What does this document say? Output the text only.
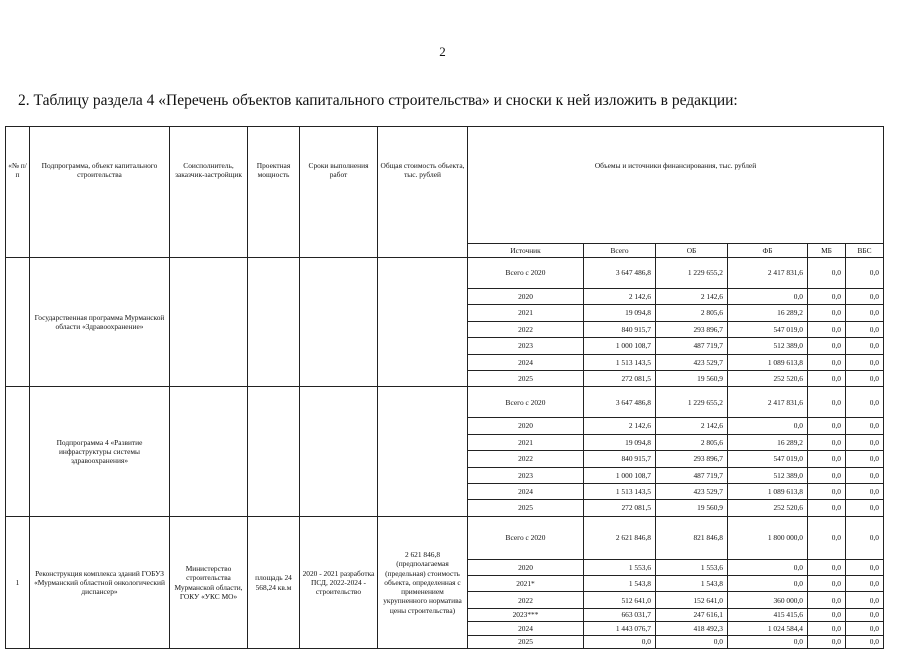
2
2. Таблицу раздела 4 «Перечень объектов капитального строительства» и сноски к ней изложить в редакции:
«№ п/п	Подпрограмма, объект капитального строительства	Соисполнитель, заказчик-застройщик	Проектная мощность	Сроки выполнения работ	Общая стоимость объекта, тыс. рублей	Объемы и источники финансирования, тыс. рублей					
						Источник	Всего	ОБ	ФБ	МБ	ВБС
	Государственная программа Мурманской области «Здравоохранение»					Всего с 2020	3 647 486,8	1 229 655,2	2 417 831,6	0,0	0,0
						2020	2 142,6	2 142,6	0,0	0,0	0,0
						2021	19 094,8	2 805,6	16 289,2	0,0	0,0
						2022	840 915,7	293 896,7	547 019,0	0,0	0,0
						2023	1 000 108,7	487 719,7	512 389,0	0,0	0,0
						2024	1 513 143,5	423 529,7	1 089 613,8	0,0	0,0
						2025	272 081,5	19 560,9	252 520,6	0,0	0,0
	Подпрограмма 4 «Развитие инфраструктуры системы здравоохранения»					Всего с 2020	3 647 486,8	1 229 655,2	2 417 831,6	0,0	0,0
						2020	2 142,6	2 142,6	0,0	0,0	0,0
						2021	19 094,8	2 805,6	16 289,2	0,0	0,0
						2022	840 915,7	293 896,7	547 019,0	0,0	0,0
						2023	1 000 108,7	487 719,7	512 389,0	0,0	0,0
						2024	1 513 143,5	423 529,7	1 089 613,8	0,0	0,0
						2025	272 081,5	19 560,9	252 520,6	0,0	0,0
1	Реконструкция комплекса зданий ГОБУЗ «Мурманский областной онкологический диспансер»	Министерство строительства Мурманской области, ГОКУ «УКС МО»	площадь 24 568,24 кв.м	2020 - 2021 разработка ПСД, 2022-2024 - строительство	2 621 846,8 (предполагаемая (предельная) стоимость объекта, определенная с применением укрупненного норматива цены строительства)	Всего с 2020	2 621 846,8	821 846,8	1 800 000,0	0,0	0,0
						2020	1 553,6	1 553,6	0,0	0,0	0,0
						2021*	1 543,8	1 543,8	0,0	0,0	0,0
						2022	512 641,0	152 641,0	360 000,0	0,0	0,0
						2023***	663 031,7	247 616,1	415 415,6	0,0	0,0
						2024	1 443 076,7	418 492,3	1 024 584,4	0,0	0,0
						2025	0,0	0,0	0,0	0,0	0,0
